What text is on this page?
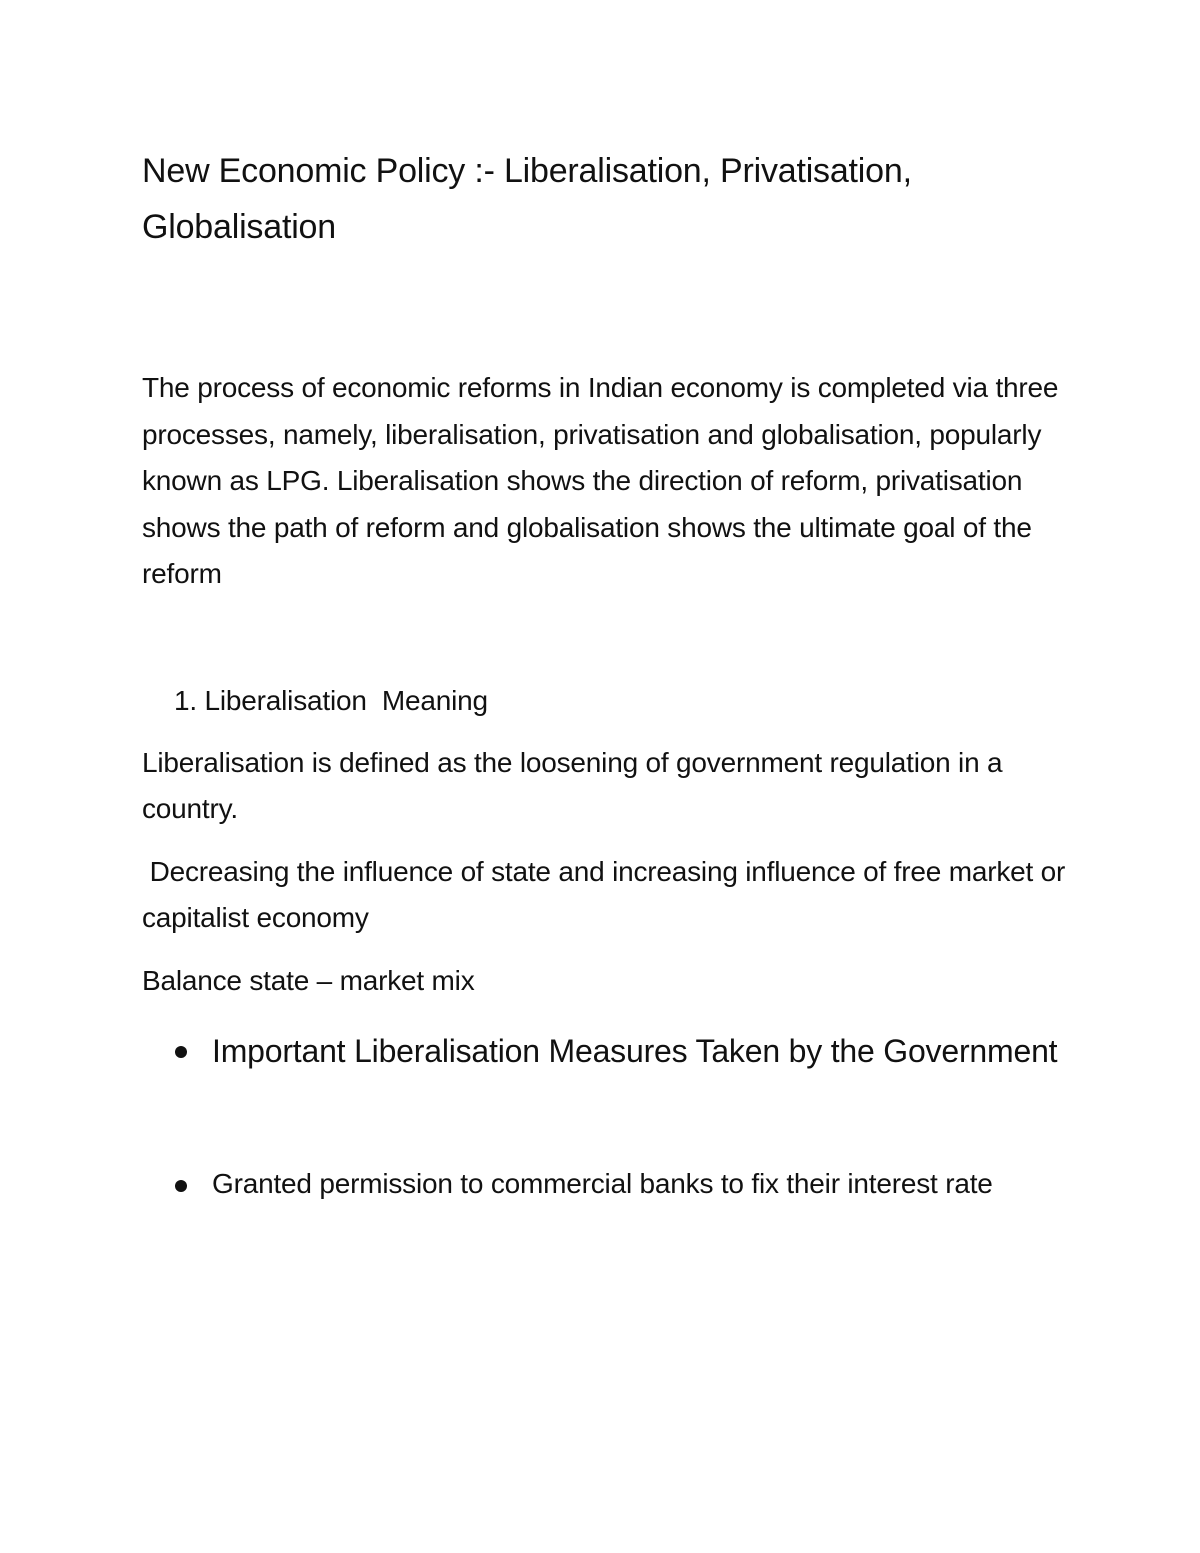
New Economic Policy :- Liberalisation, Privatisation, Globalisation

The process of economic reforms in Indian economy is completed via three processes, namely, liberalisation, privatisation and globalisation, popularly known as LPG. Liberalisation shows the direction of reform, privatisation shows the path of reform and globalisation shows the ultimate goal of the reform

1. Liberalisation  Meaning

Liberalisation is defined as the loosening of government regulation in a country.

Decreasing the influence of state and increasing influence of free market or capitalist economy

Balance state – market mix

Important Liberalisation Measures Taken by the Government
Granted permission to commercial banks to fix their interest rate
